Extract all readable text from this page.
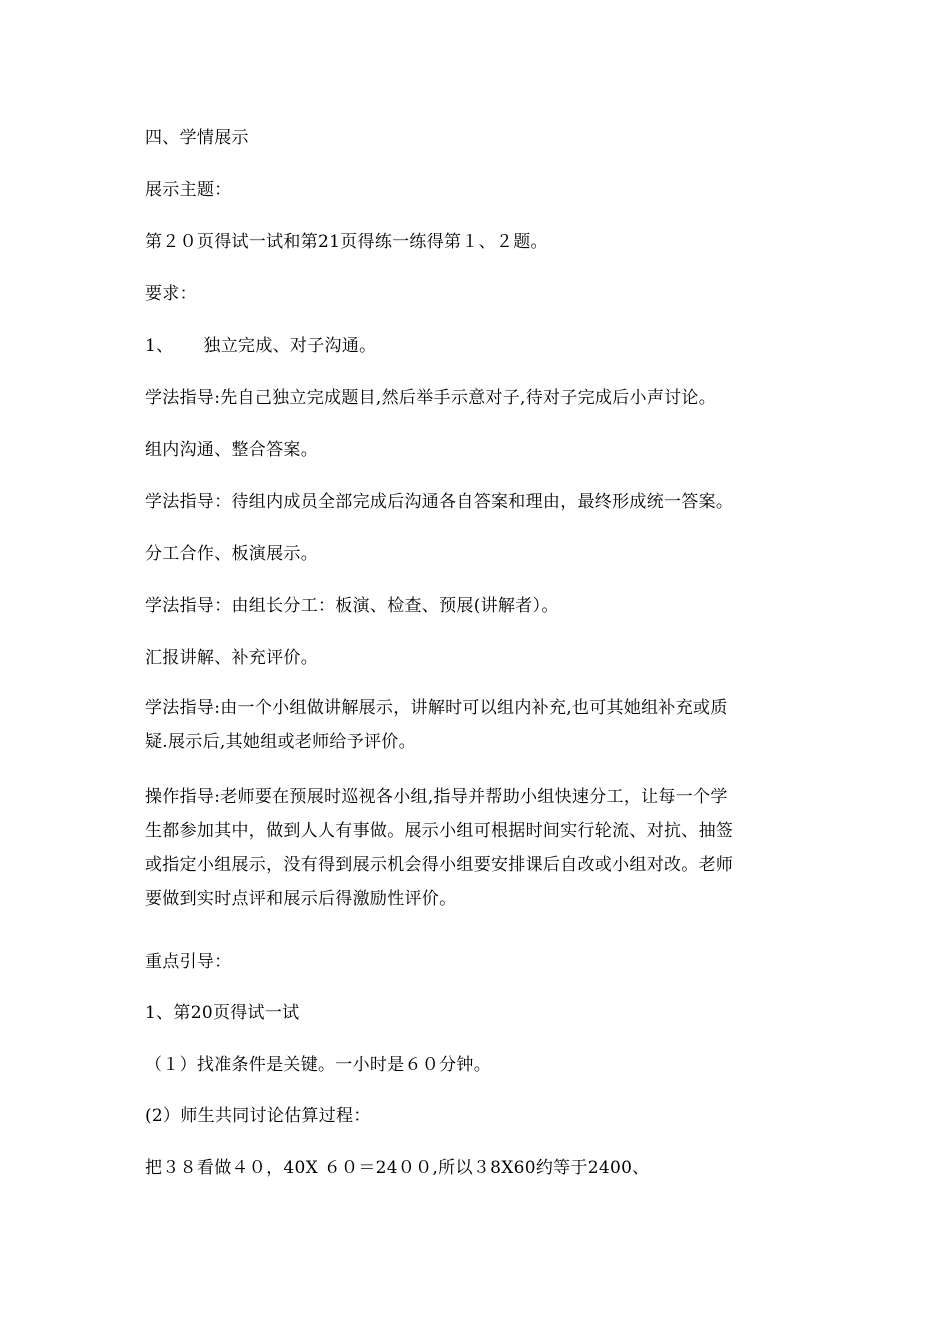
四、学情展示
展示主题：
第２０页得试一试和第21页得练一练得第１、２题。
要求：
1、 独立完成、对子沟通。
学法指导:先自己独立完成题目,然后举手示意对子,待对子完成后小声讨论。
组内沟通、整合答案。
学法指导：待组内成员全部完成后沟通各自答案和理由，最终形成统一答案。
分工合作、板演展示。
学法指导：由组长分工：板演、检查、预展(讲解者）。
汇报讲解、补充评价。
学法指导:由一个小组做讲解展示，讲解时可以组内补充,也可其她组补充或质
疑.展示后,其她组或老师给予评价。
操作指导:老师要在预展时巡视各小组,指导并帮助小组快速分工，让每一个学
生都参加其中，做到人人有事做。展示小组可根据时间实行轮流、对抗、抽签
或指定小组展示，没有得到展示机会得小组要安排课后自改或小组对改。老师
要做到实时点评和展示后得激励性评价。
重点引导：
1、第20页得试一试
（１）找准条件是关键。一小时是６０分钟。
(2）师生共同讨论估算过程：
把３８看做４０，40X ６０＝24００,所以３8X60约等于2400、
